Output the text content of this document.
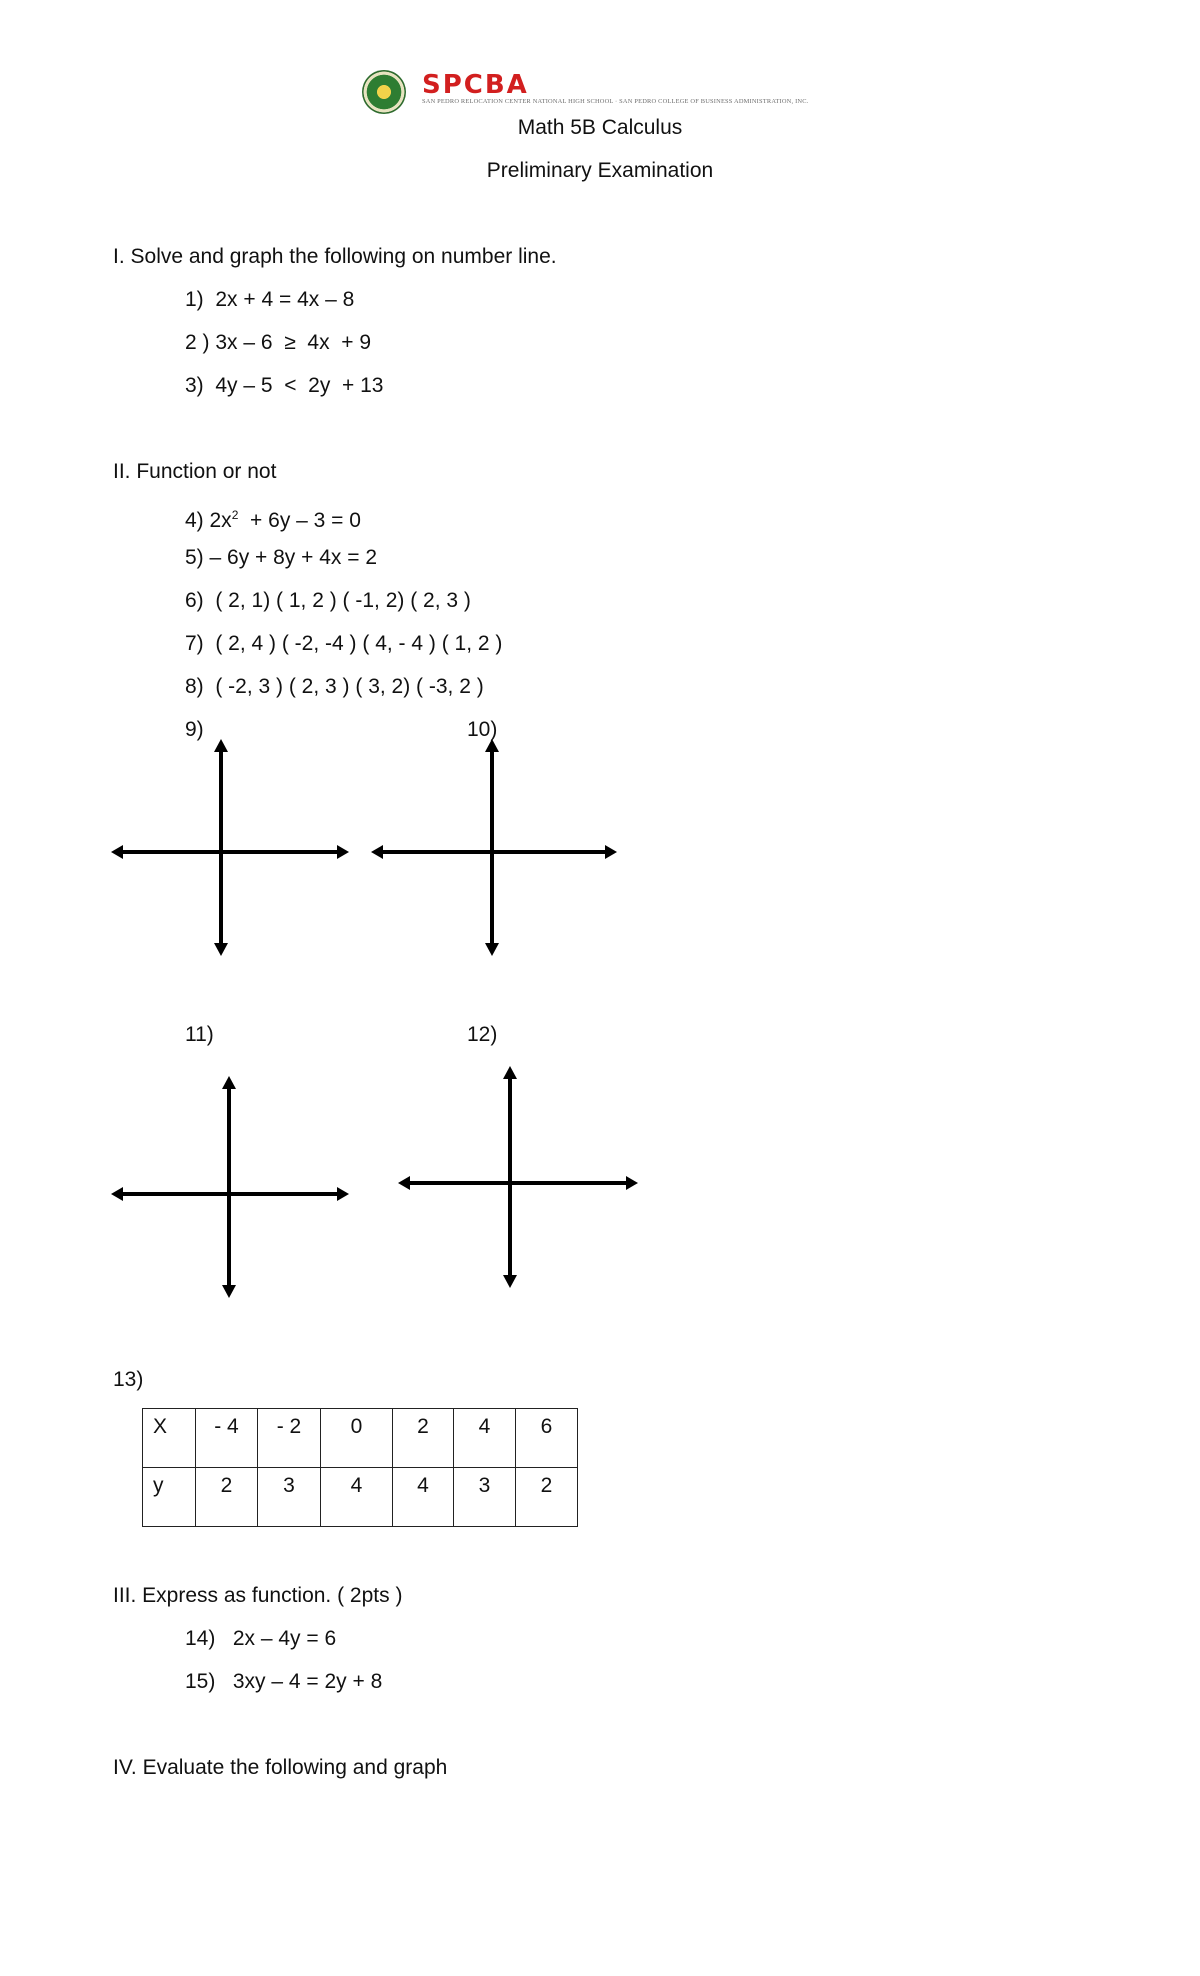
SPCBA
SAN PEDRO RELOCATION CENTER NATIONAL HIGH SCHOOL · SAN PEDRO COLLEGE OF BUSINESS ADMINISTRATION, INC.
Math 5B Calculus
Preliminary Examination
I. Solve and graph the following on number line.
1)  2x + 4 = 4x – 8
2 ) 3x – 6  ≥  4x  + 9
3)  4y – 5  <  2y  + 13
II. Function or not
4) $2x^2 + 6y - 3 = 0$
5) – 6y + 8y + 4x = 2
6)  ( 2, 1) ( 1, 2 ) ( -1, 2) ( 2, 3 )
7)  ( 2, 4 ) ( -2, -4 ) ( 4, - 4 ) ( 1, 2 )
8)  ( -2, 3 ) ( 2, 3 ) ( 3, 2) ( -3, 2 )
9)	10)
11)	12)
13)
X	- 4	- 2	0	2	4	6

y	2	3	4	4	3	2
III. Express as function. ( 2pts )
14)   2x – 4y = 6
15)   3xy – 4 = 2y + 8
IV. Evaluate the following and graph
